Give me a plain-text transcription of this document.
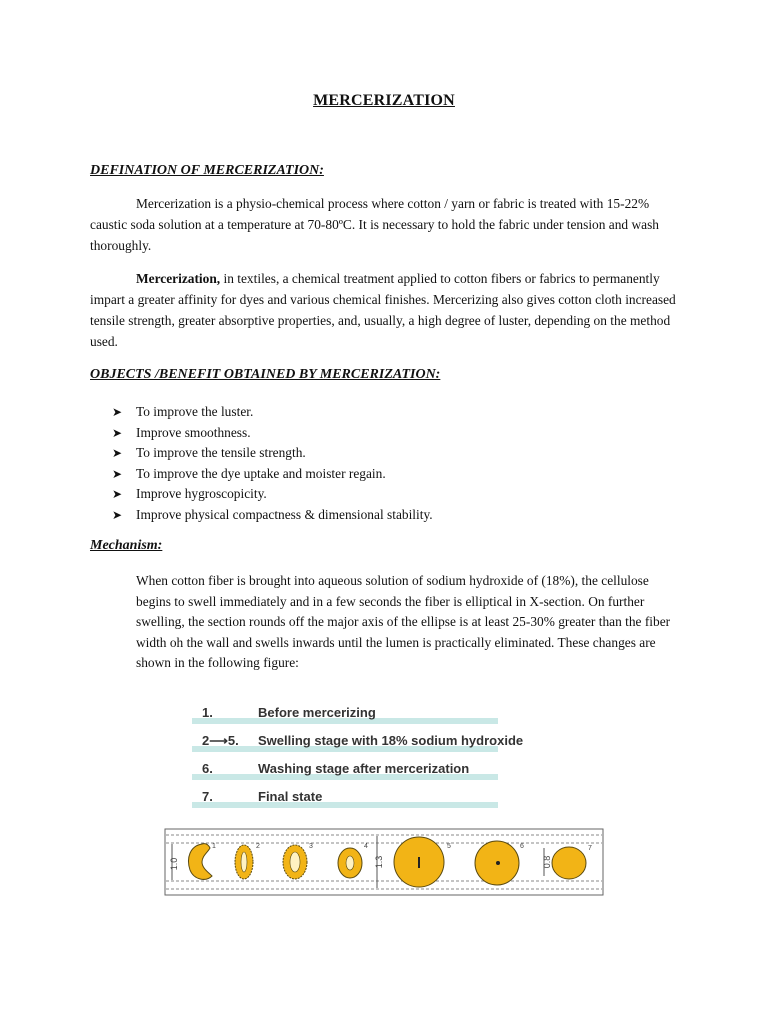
MERCERIZATION
DEFINATION OF MERCERIZATION:

Mercerization is a physio-chemical process where cotton / yarn or fabric is treated with 15-22% caustic soda solution at a temperature at 70-80ºC. It is necessary to hold the fabric under tension and wash thoroughly.

Mercerization, in textiles, a chemical treatment applied to cotton fibers or fabrics to permanently impart a greater affinity for dyes and various chemical finishes. Mercerizing also gives cotton cloth increased tensile strength, greater absorptive properties, and, usually, a high degree of luster, depending on the method used.

OBJECTS /BENEFIT OBTAINED BY MERCERIZATION:
➤ To improve the luster.
➤ Improve smoothness.
➤ To improve the tensile strength.
➤ To improve the dye uptake and moister regain.
➤ Improve hygroscopicity.
➤ Improve physical compactness & dimensional stability.
Mechanism:

When cotton fiber is brought into aqueous solution of sodium hydroxide of (18%), the cellulose begins to swell immediately and in a few seconds the fiber is elliptical in X-section. On further swelling, the section rounds off the major axis of the ellipse is at least 25-30% greater than the fiber width oh the wall and swells inwards until the lumen is practically eliminated. These changes are shown in the following figure:

1.	Before mercerizing
2⟶5. Swelling stage with 18% sodium hydroxide
6.	Washing stage after mercerization
7.	Final state
1.0	1.3	0.8
1	2	3	4	5	6	7
